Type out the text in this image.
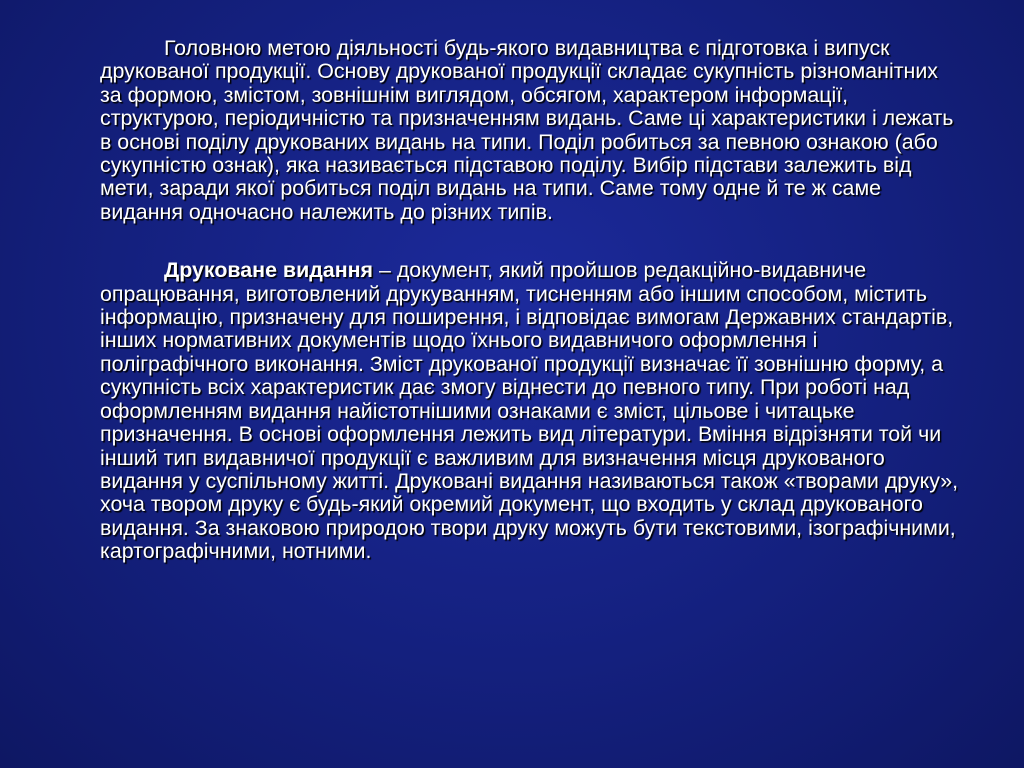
Головною метою діяльності будь-якого видавництва є підготовка і випуск друкованої продукції. Основу друкованої продукції складає сукупність різноманітних за формою, змістом, зовнішнім виглядом, обсягом, характером інформації, структурою, періодичністю та призначенням видань. Саме ці характеристики і лежать в основі поділу друкованих видань на типи. Поділ робиться за певною ознакою (або сукупністю ознак), яка називається підставою поділу. Вибір підстави залежить від мети, заради якої робиться поділ видань на типи. Саме тому одне й те ж саме видання одночасно належить до різних типів.

Друковане видання – документ, який пройшов редакційно-видавниче опрацювання, виготовлений друкуванням, тисненням або іншим способом, містить інформацію, призначену для поширення, і відповідає вимогам Державних стандартів, інших нормативних документів щодо їхнього видавничого оформлення і поліграфічного виконання. Зміст друкованої продукції визначає її зовнішню форму, а сукупність всіх характеристик дає змогу віднести до певного типу. При роботі над оформленням видання найістотнішими ознаками є зміст, цільове і читацьке призначення. В основі оформлення лежить вид літератури. Вміння відрізняти той чи інший тип видавничої продукції є важливим для визначення місця друкованого видання у суспільному житті. Друковані видання називаються також «творами друку», хоча твором друку є будь-який окремий документ, що входить у склад друкованого видання. За знаковою природою твори друку можуть бути текстовими, ізографічними, картографічними, нотними.
